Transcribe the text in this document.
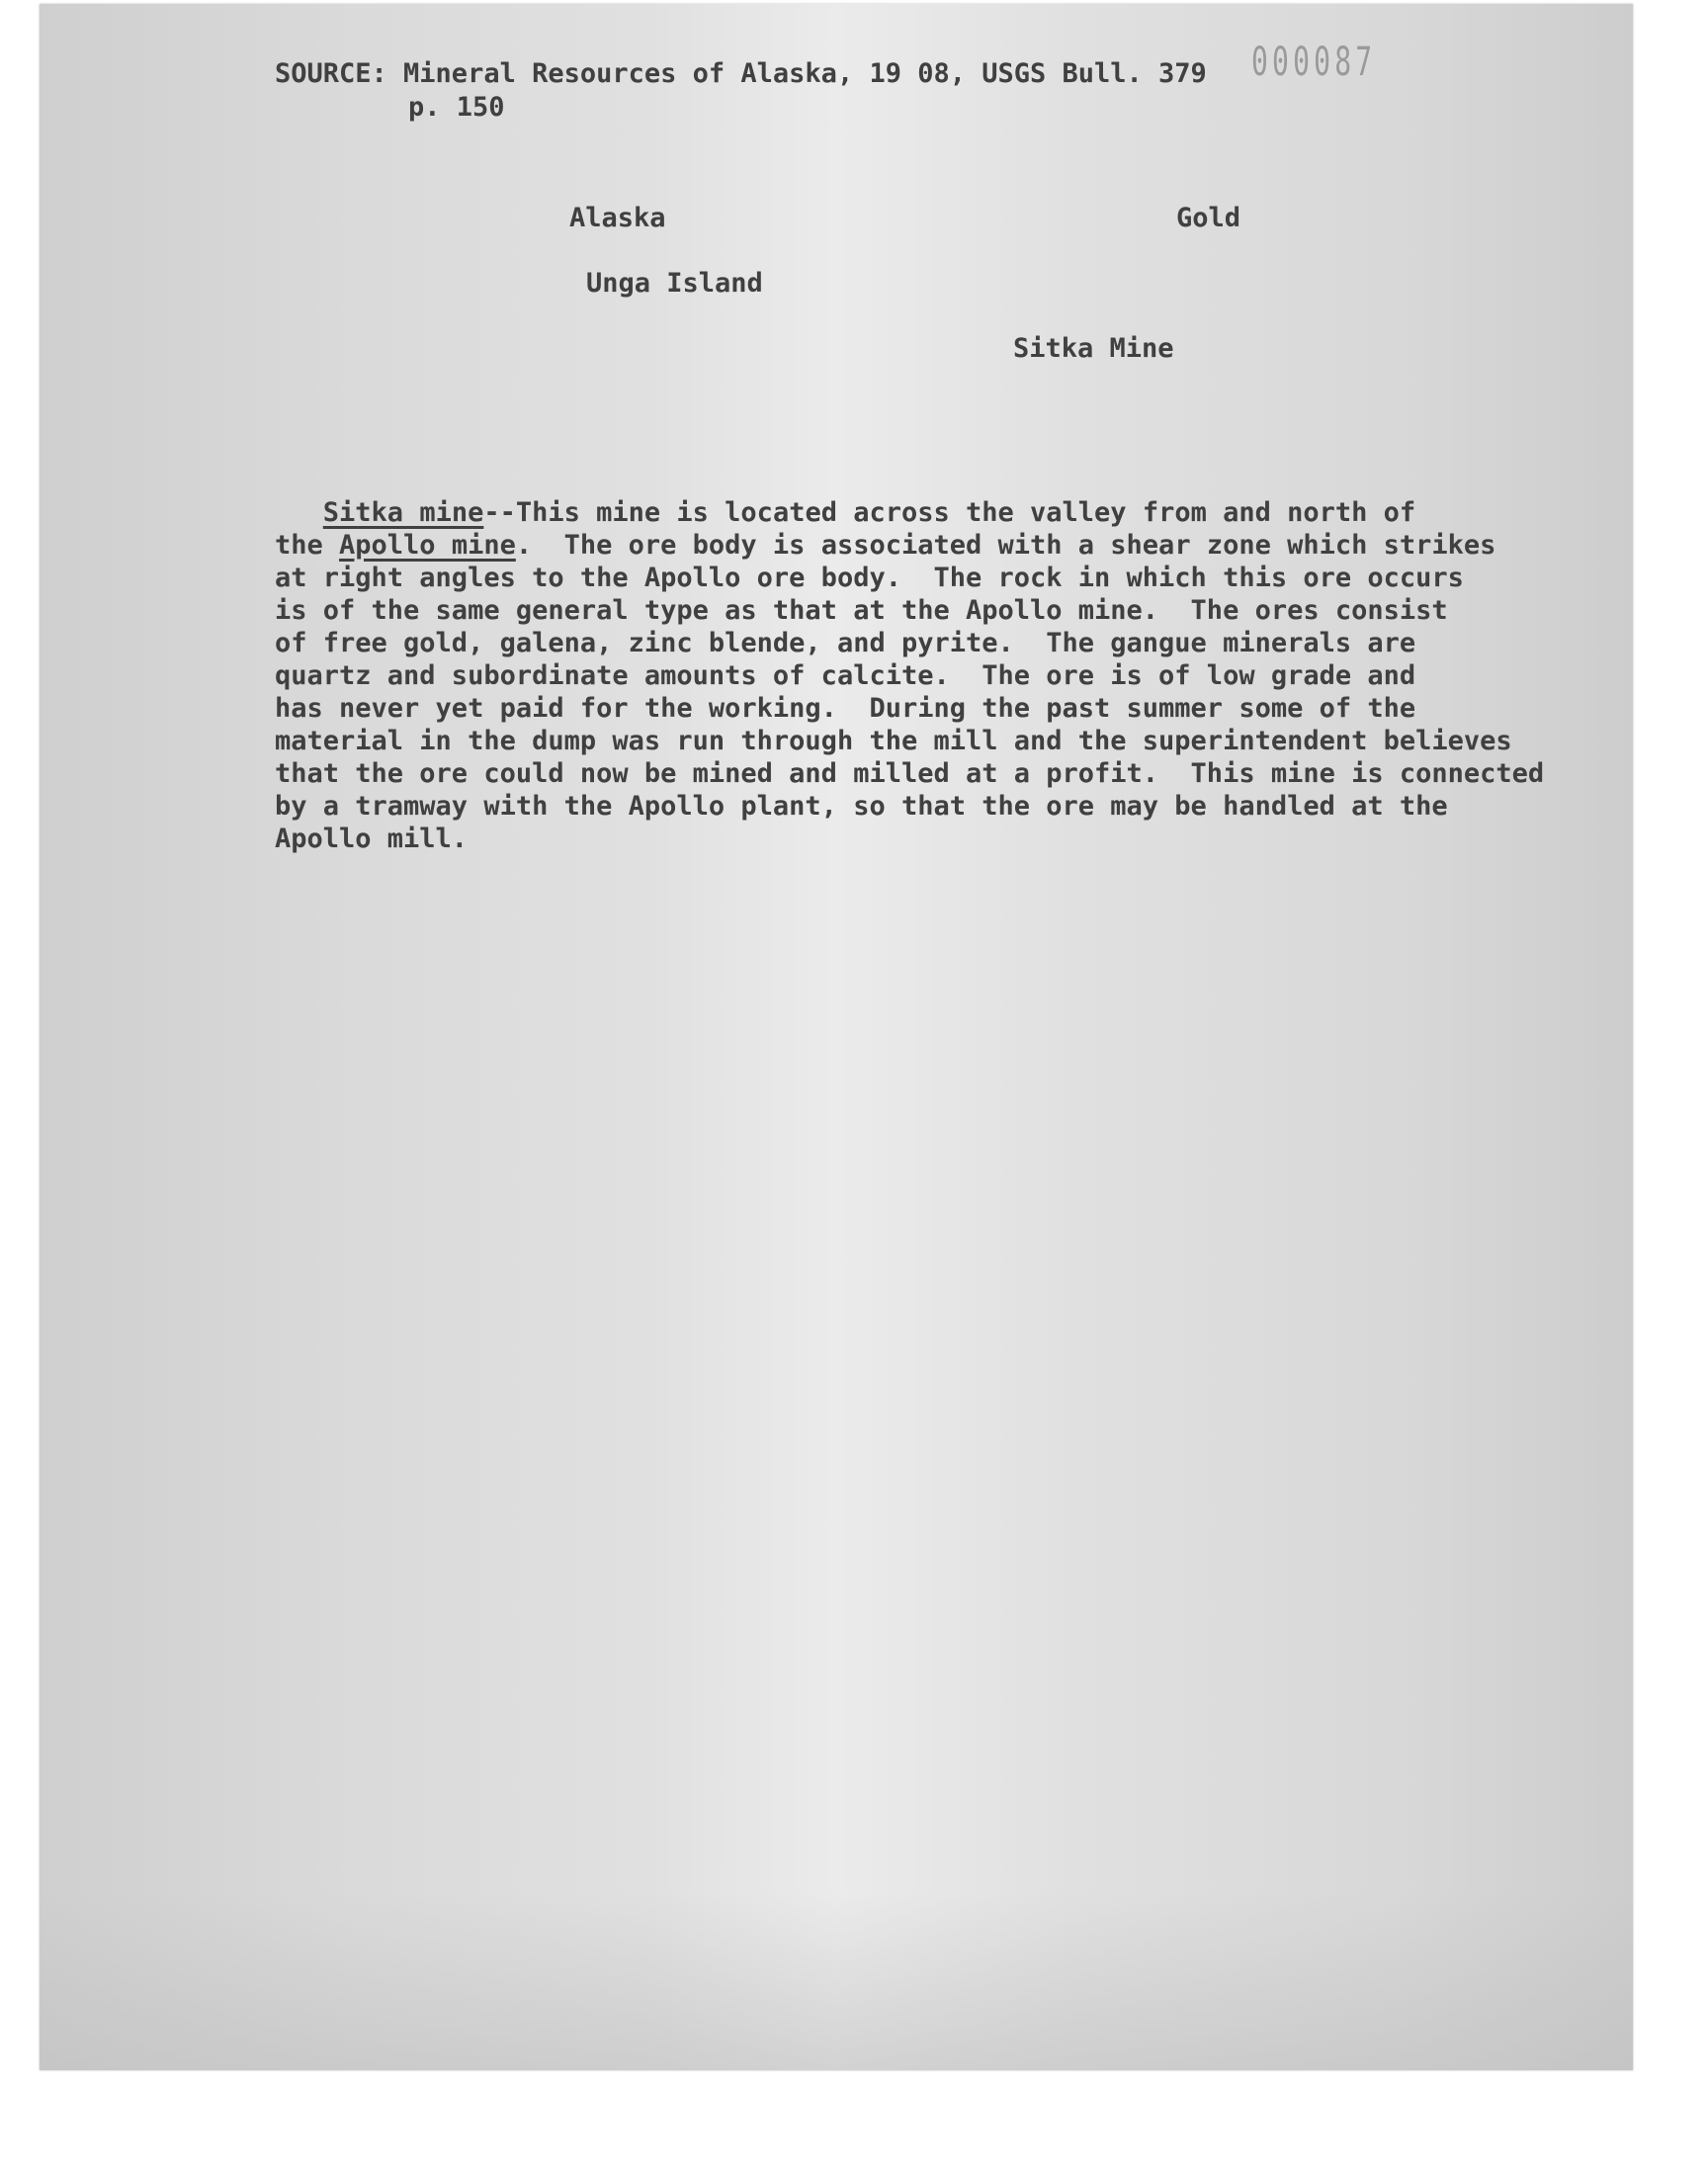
SOURCE: Mineral Resources of Alaska, 19 08, USGS Bull. 379
p. 150
000087
Alaska	Gold
Unga Island
Sitka Mine
Sitka mine--This mine is located across the valley from and north of
the Apollo mine.  The ore body is associated with a shear zone which strikes
at right angles to the Apollo ore body.  The rock in which this ore occurs
is of the same general type as that at the Apollo mine.  The ores consist
of free gold, galena, zinc blende, and pyrite.  The gangue minerals are
quartz and subordinate amounts of calcite.  The ore is of low grade and
has never yet paid for the working.  During the past summer some of the
material in the dump was run through the mill and the superintendent believes
that the ore could now be mined and milled at a profit.  This mine is connected
by a tramway with the Apollo plant, so that the ore may be handled at the
Apollo mill.
